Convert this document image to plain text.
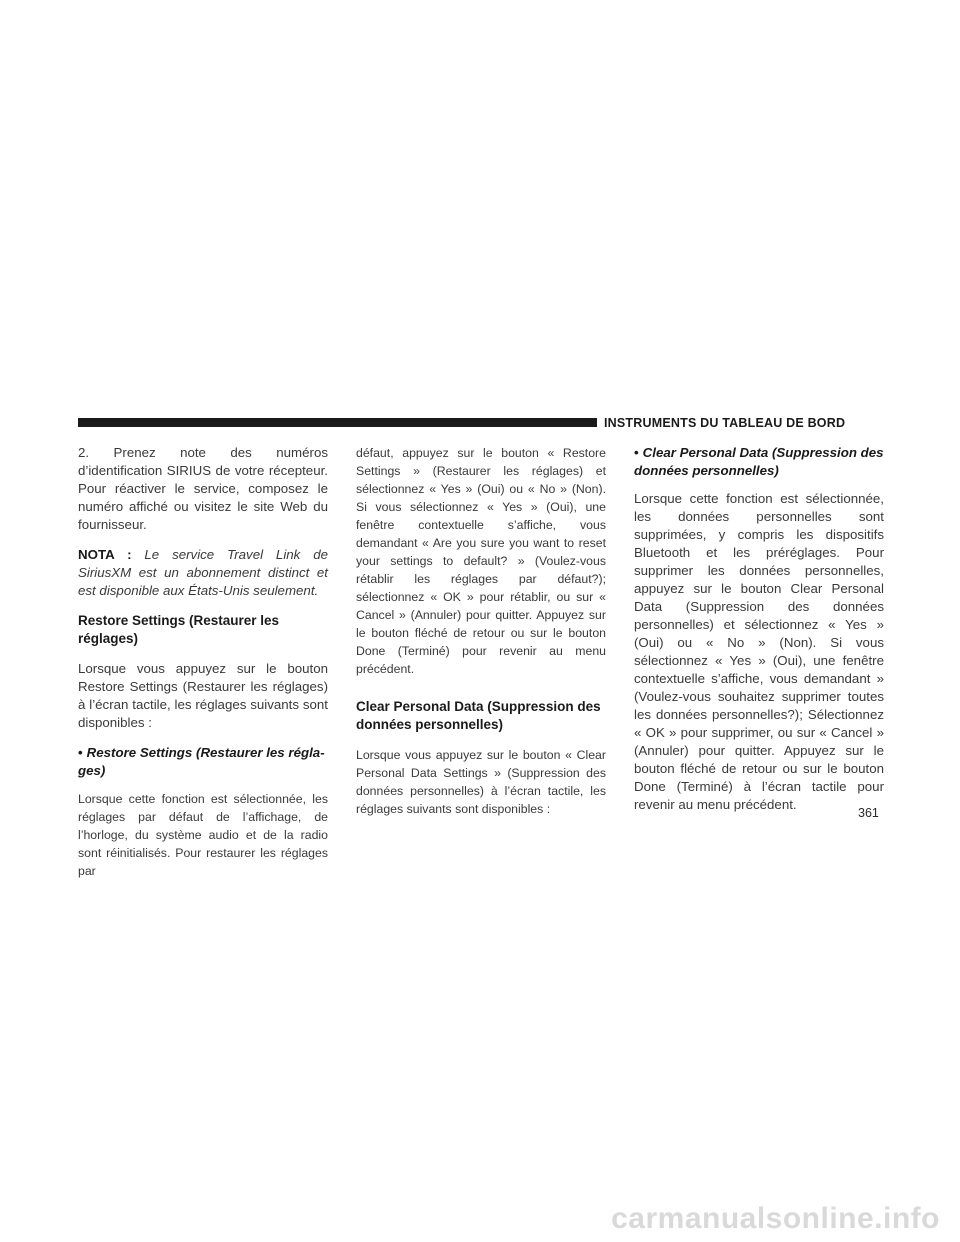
INSTRUMENTS DU TABLEAU DE BORD

2. Prenez note des numéros d’identification SIRIUS de votre récepteur. Pour réactiver le service, composez le numéro affiché ou visitez le site Web du fournisseur.

NOTA : Le service Travel Link de SiriusXM est un abonnement distinct et est disponible aux États-Unis seulement.

Restore Settings (Restaurer les réglages)

Lorsque vous appuyez sur le bouton Restore Settings (Restaurer les réglages) à l’écran tactile, les réglages suivants sont disponibles :

• Restore Settings (Restaurer les réglages)

Lorsque cette fonction est sélectionnée, les réglages par défaut de l’affichage, de l’horloge, du système audio et de la radio sont réinitialisés. Pour restaurer les réglages par

défaut, appuyez sur le bouton « Restore Settings » (Restaurer les réglages) et sélectionnez « Yes » (Oui) ou « No » (Non). Si vous sélectionnez « Yes » (Oui), une fenêtre contextuelle s’affiche, vous demandant « Are you sure you want to reset your settings to default? » (Voulez-vous rétablir les réglages par défaut?); sélectionnez « OK » pour rétablir, ou sur « Cancel » (Annuler) pour quitter. Appuyez sur le bouton fléché de retour ou sur le bouton Done (Terminé) pour revenir au menu précédent.

Clear Personal Data (Suppression des données personnelles)

Lorsque vous appuyez sur le bouton « Clear Personal Data Settings » (Suppression des données personnelles) à l’écran tactile, les réglages suivants sont disponibles :

• Clear Personal Data (Suppression des données personnelles)

Lorsque cette fonction est sélectionnée, les données personnelles sont supprimées, y compris les dispositifs Bluetooth et les préréglages. Pour supprimer les données personnelles, appuyez sur le bouton Clear Personal Data (Suppression des données personnelles) et sélectionnez « Yes » (Oui) ou « No » (Non). Si vous sélectionnez « Yes » (Oui), une fenêtre contextuelle s’affiche, vous demandant » (Voulez-vous souhaitez supprimer toutes les données personnelles?); Sélectionnez « OK » pour supprimer, ou sur « Cancel » (Annuler) pour quitter. Appuyez sur le bouton fléché de retour ou sur le bouton Done (Terminé) à l’écran tactile pour revenir au menu précédent.

361
carmanualsonline.info
